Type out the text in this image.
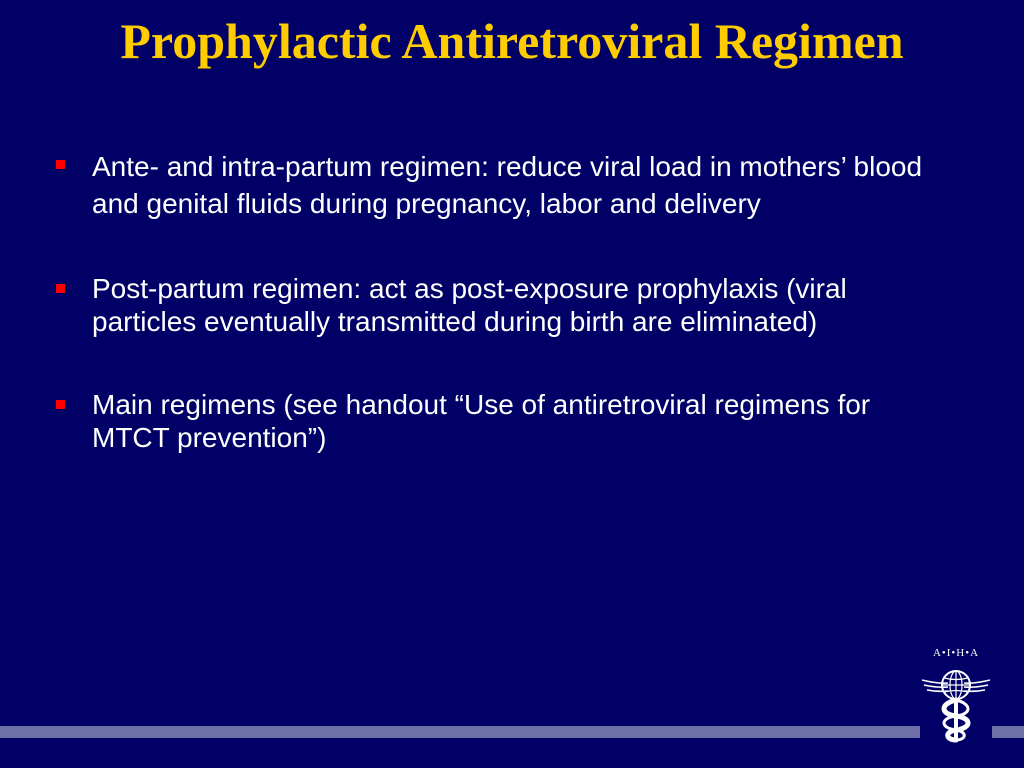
Prophylactic Antiretroviral Regimen
Ante- and intra-partum regimen: reduce viral load in mothers’ blood and genital fluids during pregnancy, labor and delivery
Post-partum regimen: act as post-exposure prophylaxis (viral particles eventually transmitted during birth are eliminated)
Main regimens (see handout “Use of antiretroviral regimens for MTCT prevention”)
A•I•H•A
